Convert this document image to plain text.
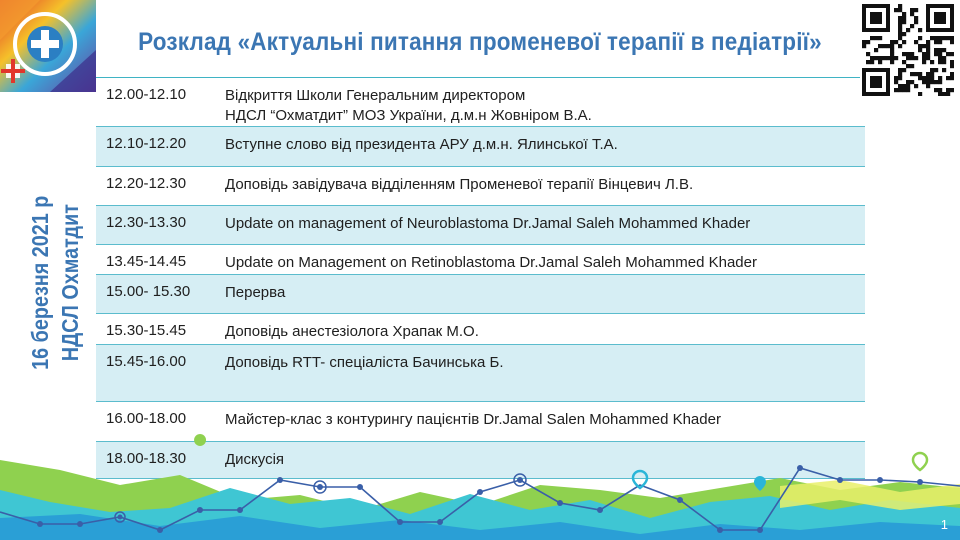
Розклад «Актуальні питання променевої терапії в педіатрії»
16 березня 2021 р НДСЛ Охматдит
12.00-12.10	Відкриття Школи Генеральним директором
НДСЛ “Охматдит” МОЗ України, д.м.н Жовніром В.А.
12.10-12.20	Вступне слово від президента АРУ д.м.н. Ялинської Т.А.
12.20-12.30	Доповідь завідувача відділенням Променевої терапії Вінцевич Л.В.
12.30-13.30	Update on management of Neuroblastoma Dr.Jamal Saleh Mohammed Khader
13.45-14.45	Update on Management on Retinoblastoma Dr.Jamal Saleh Mohammed Khader
15.00- 15.30 Перерва
15.30-15.45	Доповідь анестезіолога Храпак М.О.
15.45-16.00	Доповідь RTT- спеціаліста Бачинська Б.
16.00-18.00	Майстер-клас з контурингу пацієнтів Dr.Jamal Salen Mohammed Khader
18.00-18.30	Дискусія
1
